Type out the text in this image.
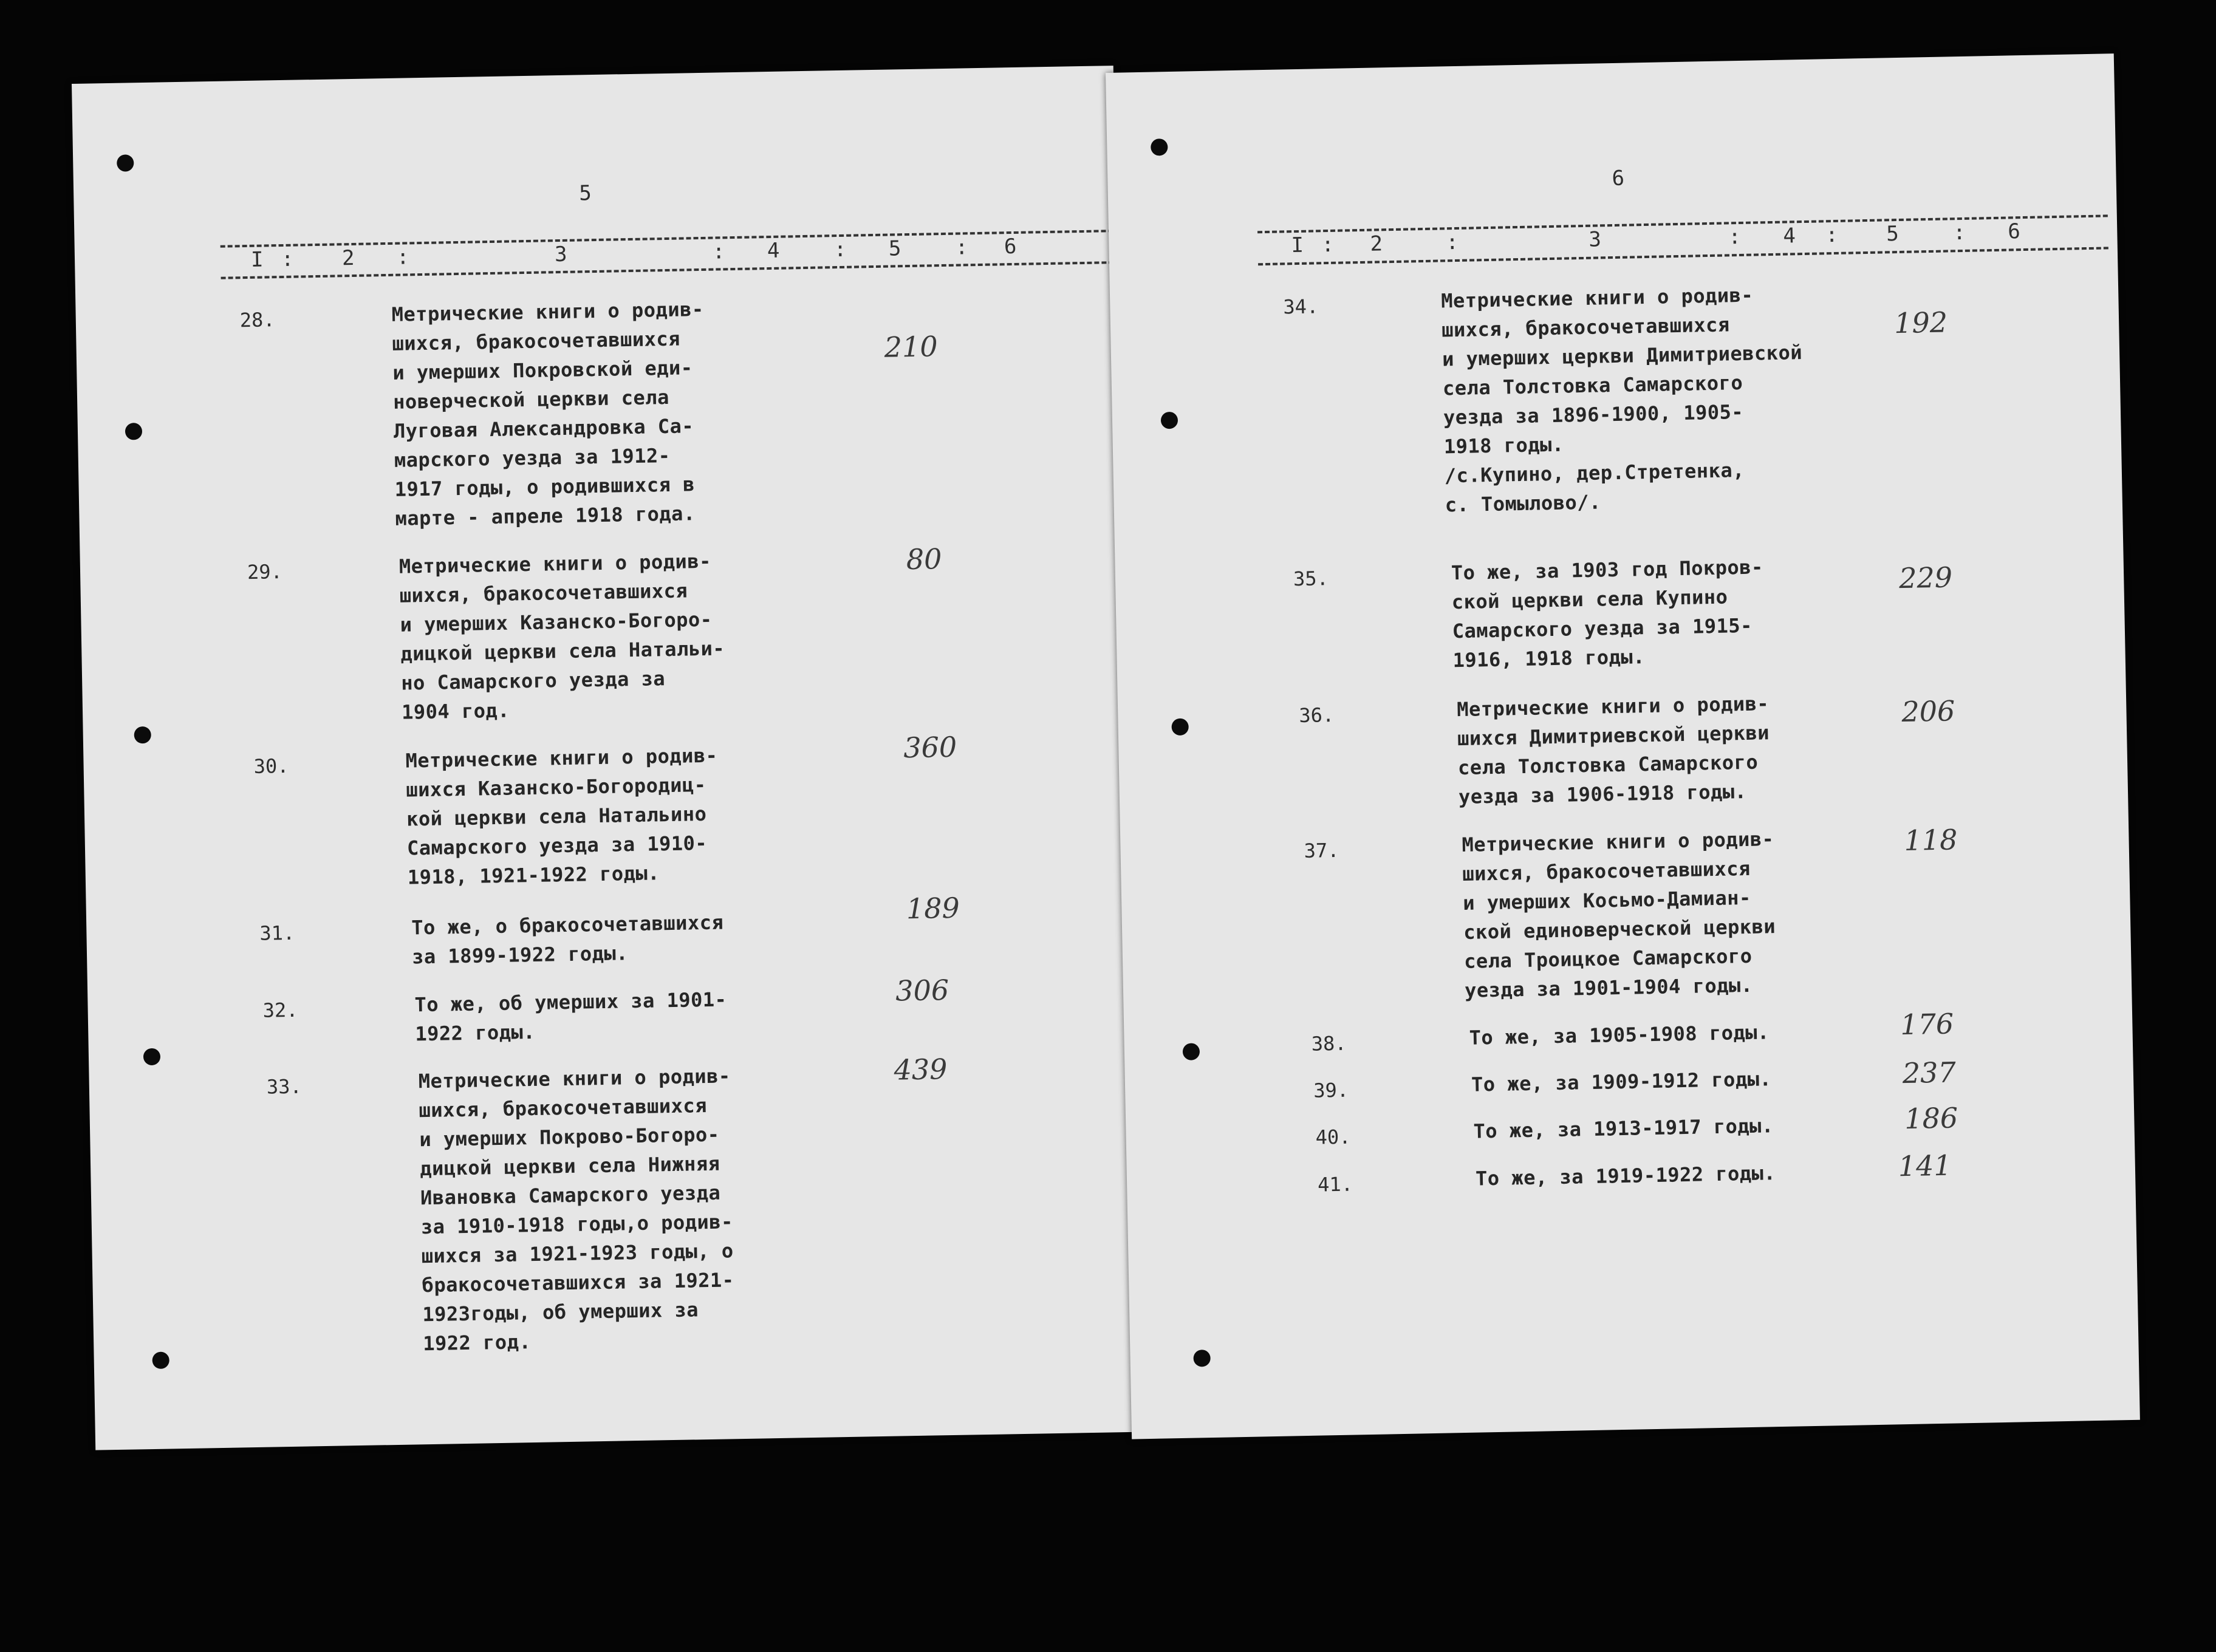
5
I : 2 :	3	: 4	: 5	: 6
28.	Метрические книги о родив-
шихся, бракосочетавшихся
и умерших Покровской еди-
новерческой церкви села
Луговая Александровка Са-
марского уезда за 1912-
1917 годы, о родившихся в
марте - апреле 1918 года.
210
29.	Метрические книги о родив-
шихся, бракосочетавшихся
и умерших Казанско-Богоро-
дицкой церкви села Натальи-
но Самарского уезда за
1904 год.
80
30.	Метрические книги о родив-
шихся Казанско-Богородиц-
кой церкви села Натальино
Самарского уезда за 1910-
1918, 1921-1922 годы.
360
31.	То же, о бракосочетавшихся
за 1899-1922 годы.
189
32.	То же, об умерших за 1901-
1922 годы.
306
33.	Метрические книги о родив-
шихся, бракосочетавшихся
и умерших Покрово-Богоро-
дицкой церкви села Нижняя
Ивановка Самарского уезда
за 1910-1918 годы,о родив-
шихся за 1921-1923 годы, о
бракосочетавшихся за 1921-
1923годы, об умерших за
1922 год.
439
6
I : 2	:	3	: 4 : 5	: 6
34.	Метрические книги о родив-
шихся, бракосочетавшихся
и умерших церкви Димитриевской
села Толстовка Самарского
уезда за 1896-1900, 1905-
1918 годы.
/с.Купино, дер.Стретенка,
с. Томылово/.
192
35.	То же, за 1903 год Покров-
ской церкви села Купино
Самарского уезда за 1915-
1916, 1918 годы.
229
36.	Метрические книги о родив-
шихся Димитриевской церкви
села Толстовка Самарского
уезда за 1906-1918 годы.
206
37.	Метрические книги о родив-
шихся, бракосочетавшихся
и умерших Косьмо-Дамиан-
ской единоверческой церкви
села Троицкое Самарского
уезда за 1901-1904 годы.
118
38.	То же, за 1905-1908 годы.	176
39.	То же, за 1909-1912 годы.	237
40.	То же, за 1913-1917 годы.	186
41.	То же, за 1919-1922 годы.	141
